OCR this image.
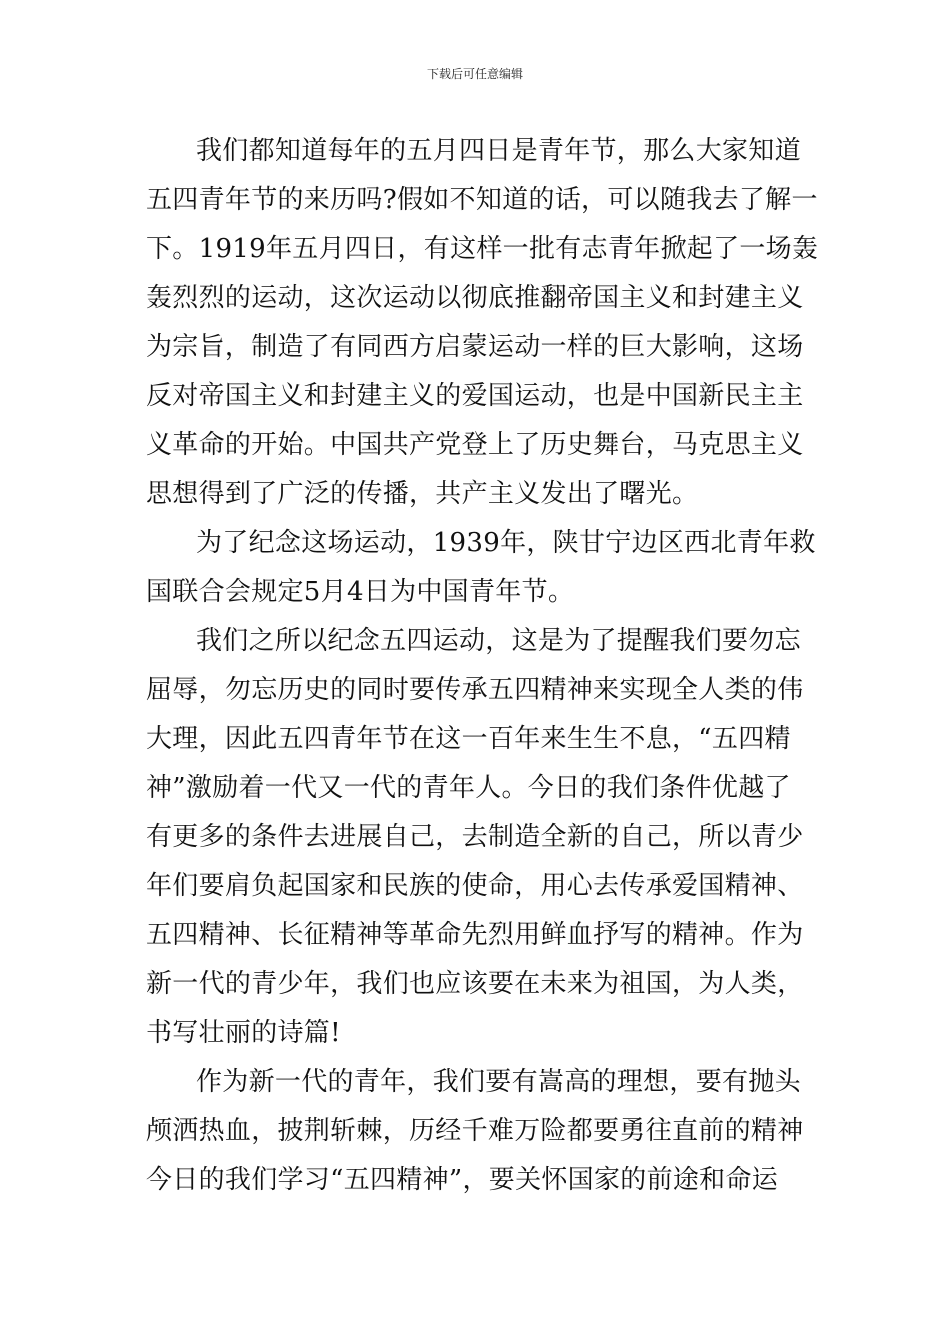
下载后可任意编辑
我们都知道每年的五月四日是青年节，那么大家知道
五四青年节的来历吗?假如不知道的话，可以随我去了解一
下。1919年五月四日，有这样一批有志青年掀起了一场轰
轰烈烈的运动，这次运动以彻底推翻帝国主义和封建主义
为宗旨，制造了有同西方启蒙运动一样的巨大影响，这场
反对帝国主义和封建主义的爱国运动，也是中国新民主主
义革命的开始。中国共产党登上了历史舞台，马克思主义
思想得到了广泛的传播，共产主义发出了曙光。
为了纪念这场运动，1939年，陕甘宁边区西北青年救
国联合会规定5月4日为中国青年节。
我们之所以纪念五四运动，这是为了提醒我们要勿忘
屈辱，勿忘历史的同时要传承五四精神来实现全人类的伟
大理，因此五四青年节在这一百年来生生不息，“五四精
神”激励着一代又一代的青年人。今日的我们条件优越了
有更多的条件去进展自己，去制造全新的自己，所以青少
年们要肩负起国家和民族的使命，用心去传承爱国精神、
五四精神、长征精神等革命先烈用鲜血抒写的精神。作为
新一代的青少年，我们也应该要在未来为祖国，为人类，
书写壮丽的诗篇!
作为新一代的青年，我们要有嵩高的理想，要有抛头
颅洒热血，披荆斩棘，历经千难万险都要勇往直前的精神
今日的我们学习“五四精神”，要关怀国家的前途和命运
